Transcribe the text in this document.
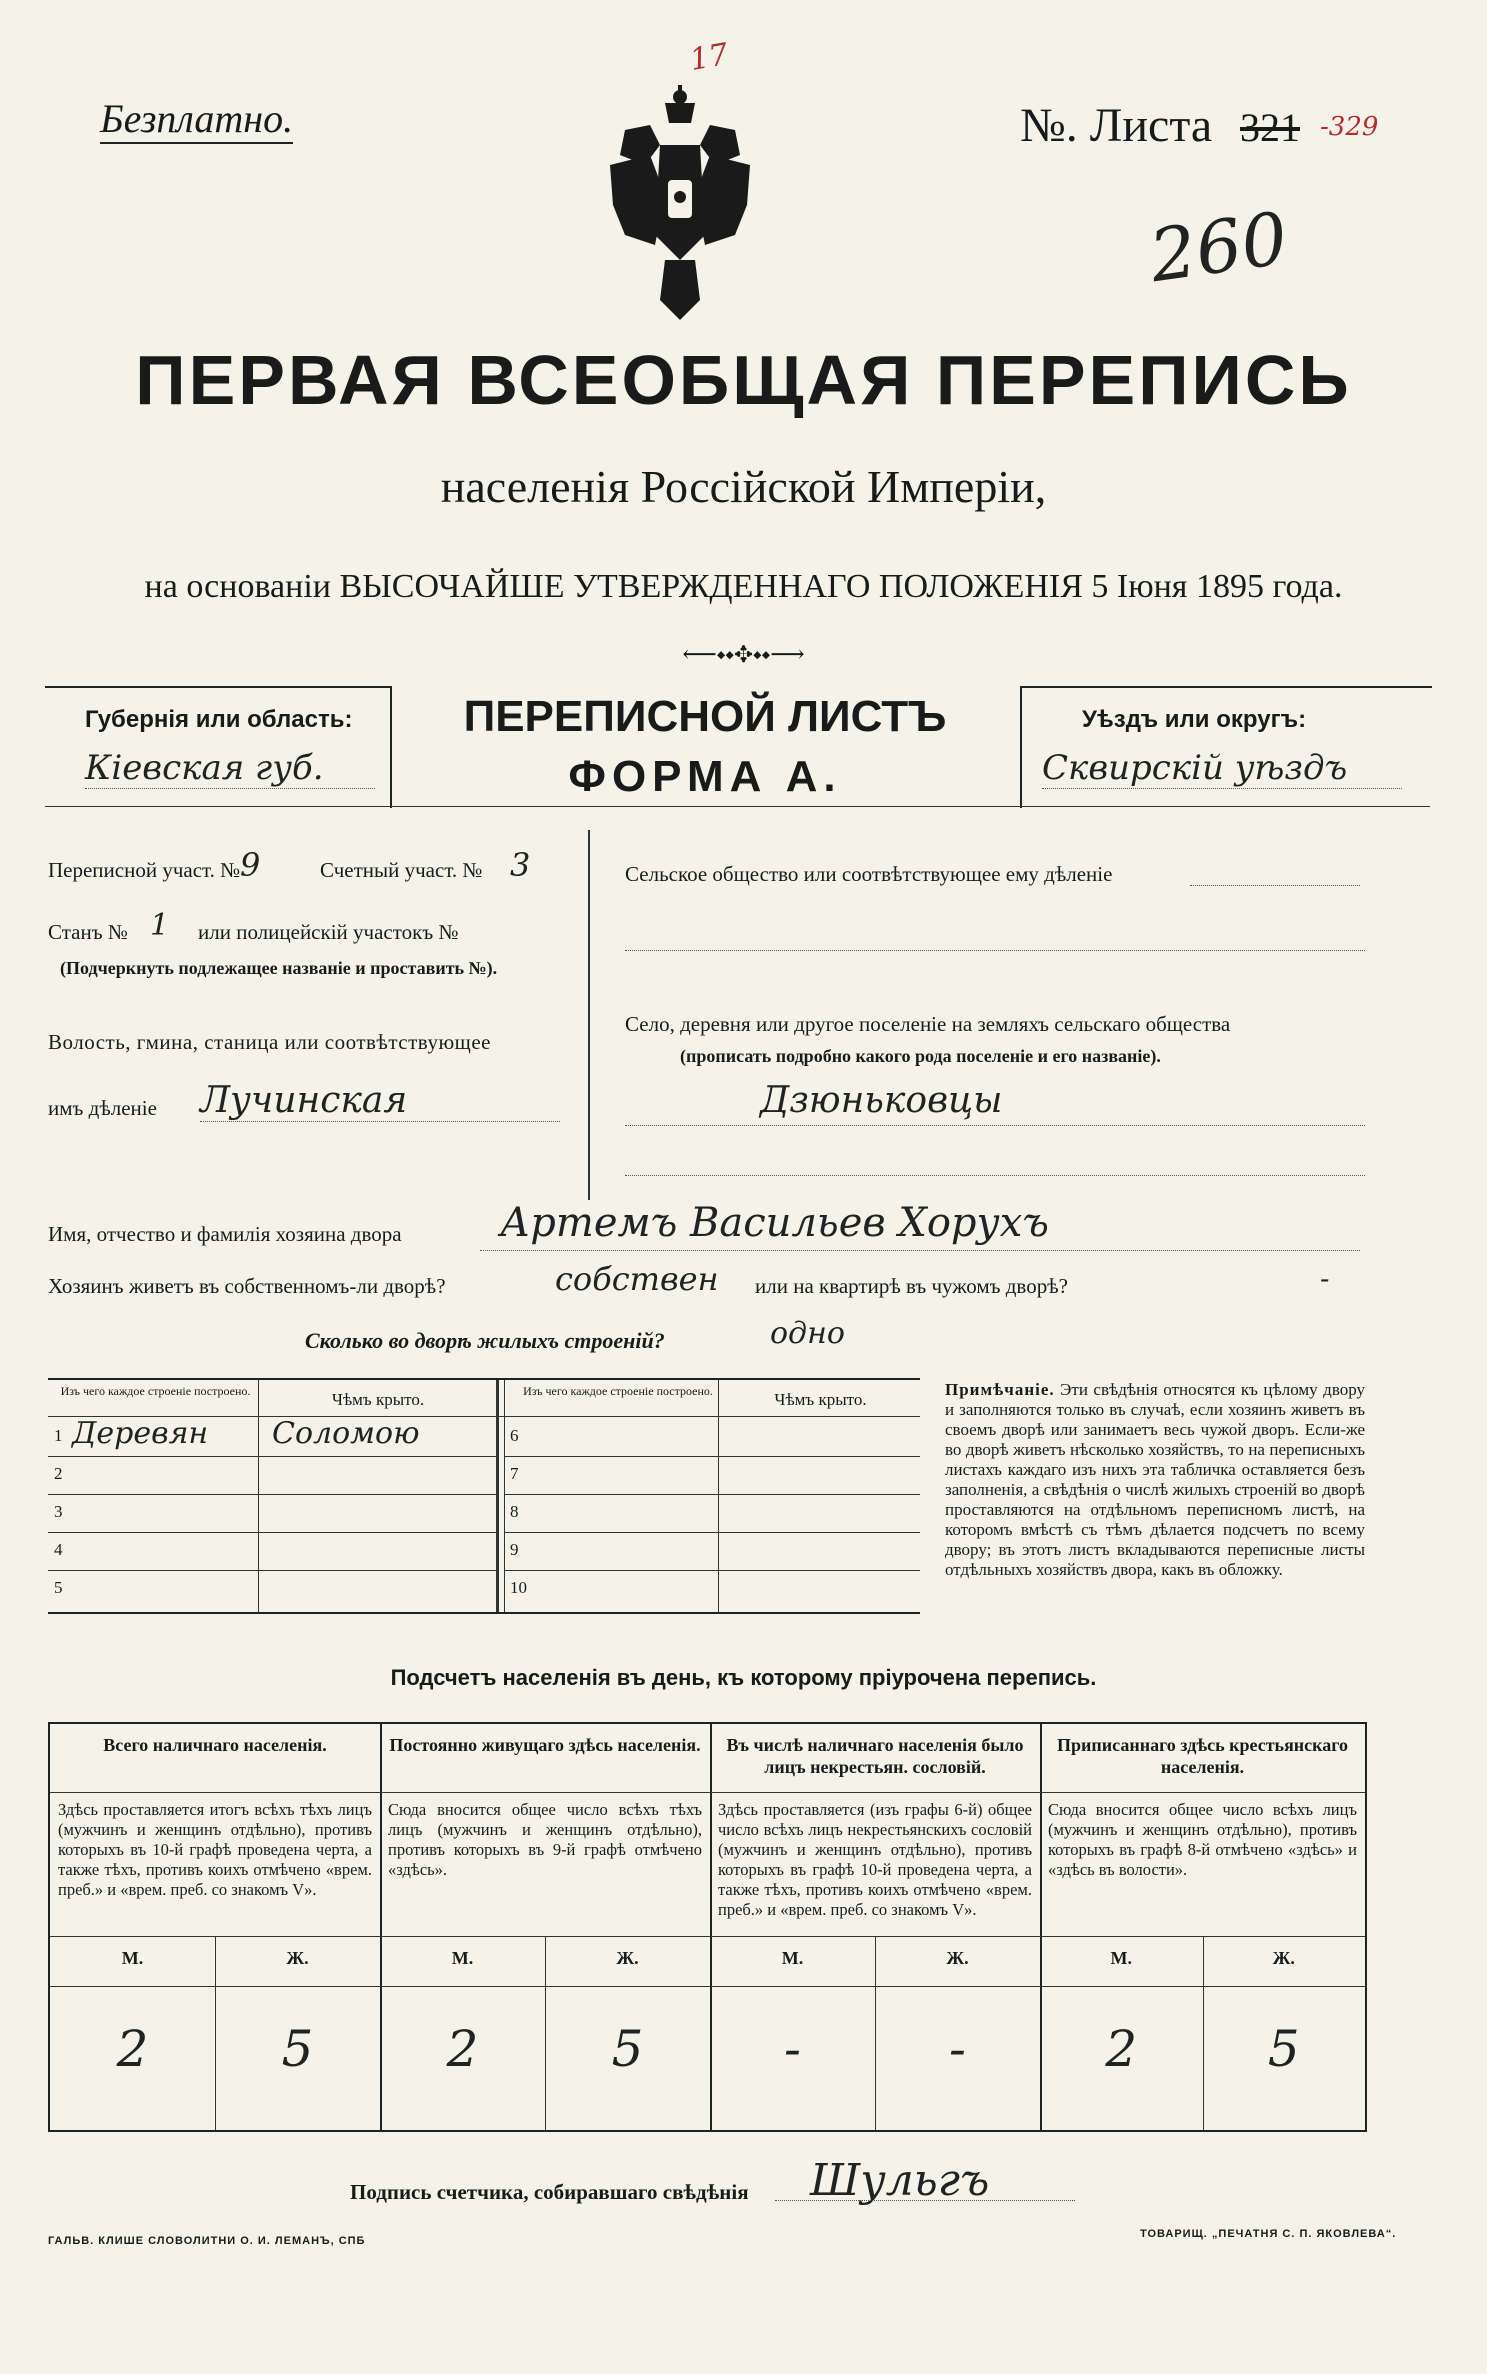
17
Безплатно.	№. Листа 321 -329
260
ПЕРВАЯ ВСЕОБЩАЯ ПЕРЕПИСЬ
населенія Россійской Имперіи,
на основаніи ВЫСОЧАЙШЕ УТВЕРЖДЕННАГО ПОЛОЖЕНІЯ 5 Іюня 1895 года.
⟵⬩⬩✥⬩⬩⟶
Губернія или область:
Кіевская губ.
ПЕРЕПИСНОЙ ЛИСТЪ
ФОРМА А.
Уѣздъ или округъ:
Сквирскій уѣздъ
Переписной участ. № 9	Счетный участ. № 3
Станъ № 1 или полицейскій участокъ №
(Подчеркнуть подлежащее названіе и проставить №).
Волость, гмина, станица или соотвѣтствующее
имъ дѣленіе Лучинская
Сельское общество или соотвѣтствующее ему дѣленіе
Село, деревня или другое поселеніе на земляхъ сельскаго общества
(прописать подробно какого рода поселеніе и его названіе).
Дзюньковцы
Имя, отчество и фамилія хозяина двора Артемъ Васильев Хорухъ
Хозяинъ живетъ въ собственномъ-ли дворѣ?	собствен или на квартирѣ въ чужомъ дворѣ?	-
Сколько во дворѣ жилыхъ строеній?	одно
Изъ чего каждое строеніе построено.	Чѣмъ крыто.	Изъ чего каждое строеніе построено.	Чѣмъ крыто.
1 Деревян	Соломою
2
3
4
5
6
7
8
9
10
Примѣчаніе. Эти свѣдѣнія относятся къ цѣлому двору и заполняются только въ случаѣ, если хозяинъ живетъ въ своемъ дворѣ или занимаетъ весь чужой дворъ. Если-же во дворѣ живетъ нѣсколько хозяйствъ, то на переписныхъ листахъ каждаго изъ нихъ эта табличка оставляется безъ заполненія, а свѣдѣнія о числѣ жилыхъ строеній во дворѣ проставляются на отдѣльномъ переписномъ листѣ, на которомъ вмѣстѣ съ тѣмъ дѣлается подсчетъ по всему двору; въ этотъ листъ вкладываются переписные листы отдѣльныхъ хозяйствъ двора, какъ въ обложку.
Подсчетъ населенія въ день, къ которому пріурочена перепись.
Всего наличнаго населенія.
Здѣсь проставляется итогъ всѣхъ тѣхъ лицъ (мужчинъ и женщинъ отдѣльно), противъ которыхъ въ 10-й графѣ проведена черта, а также тѣхъ, противъ коихъ отмѣчено «врем. преб.» и «врем. преб. со знакомъ V».
М.	Ж.
2	5
Постоянно живущаго здѣсь населенія.
Сюда вносится общее число всѣхъ тѣхъ лицъ (мужчинъ и женщинъ отдѣльно), противъ которыхъ въ 9-й графѣ отмѣчено «здѣсь».
М.	Ж.
2	5
Въ числѣ наличнаго населенія было лицъ некрестьян. сословій.
Здѣсь проставляется (изъ графы 6-й) общее число всѣхъ лицъ некрестьянскихъ сословій (мужчинъ и женщинъ отдѣльно), противъ которыхъ въ графѣ 10-й проведена черта, а также тѣхъ, противъ коихъ отмѣчено «врем. преб.» и «врем. преб. со знакомъ V».
М.	Ж.
-	-
Приписаннаго здѣсь крестьянскаго населенія.
Сюда вносится общее число всѣхъ лицъ (мужчинъ и женщинъ отдѣльно), противъ которыхъ въ графѣ 8-й отмѣчено «здѣсь» и «здѣсь въ волости».
М.	Ж.
2	5
Подпись счетчика, собиравшаго свѣдѣнія Шульгъ
ГАЛЬВ. КЛИШЕ СЛОВОЛИТНИ О. И. ЛЕМАНЪ, СПБ
ТОВАРИЩ. „ПЕЧАТНЯ С. П. ЯКОВЛЕВА“.
